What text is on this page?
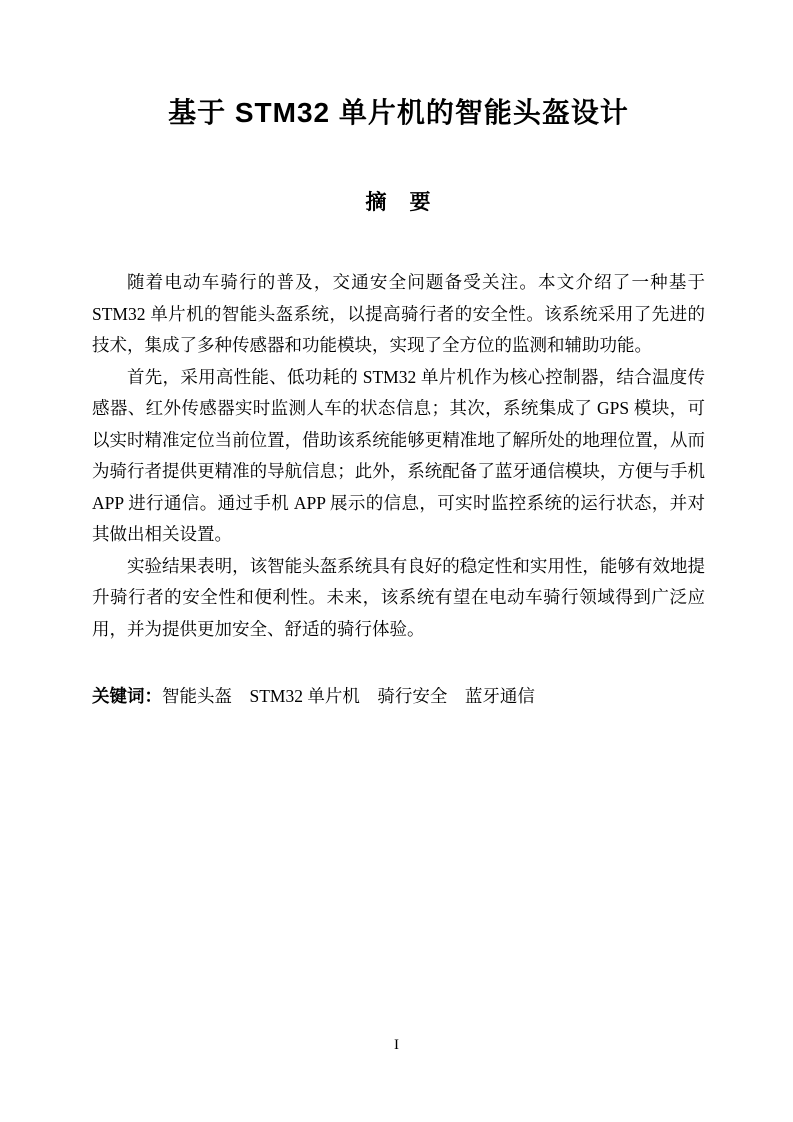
基于 STM32 单片机的智能头盔设计
摘　要

随着电动车骑行的普及，交通安全问题备受关注。本文介绍了一种基于 STM32 单片机的智能头盔系统，以提高骑行者的安全性。该系统采用了先进的技术，集成了多种传感器和功能模块，实现了全方位的监测和辅助功能。

首先，采用高性能、低功耗的 STM32 单片机作为核心控制器，结合温度传感器、红外传感器实时监测人车的状态信息；其次，系统集成了 GPS 模块，可以实时精准定位当前位置，借助该系统能够更精准地了解所处的地理位置，从而为骑行者提供更精准的导航信息；此外，系统配备了蓝牙通信模块，方便与手机 APP 进行通信。通过手机 APP 展示的信息，可实时监控系统的运行状态，并对其做出相关设置。

实验结果表明，该智能头盔系统具有良好的稳定性和实用性，能够有效地提升骑行者的安全性和便利性。未来，该系统有望在电动车骑行领域得到广泛应用，并为提供更加安全、舒适的骑行体验。

关键词：智能头盔　STM32 单片机　骑行安全　蓝牙通信
I
